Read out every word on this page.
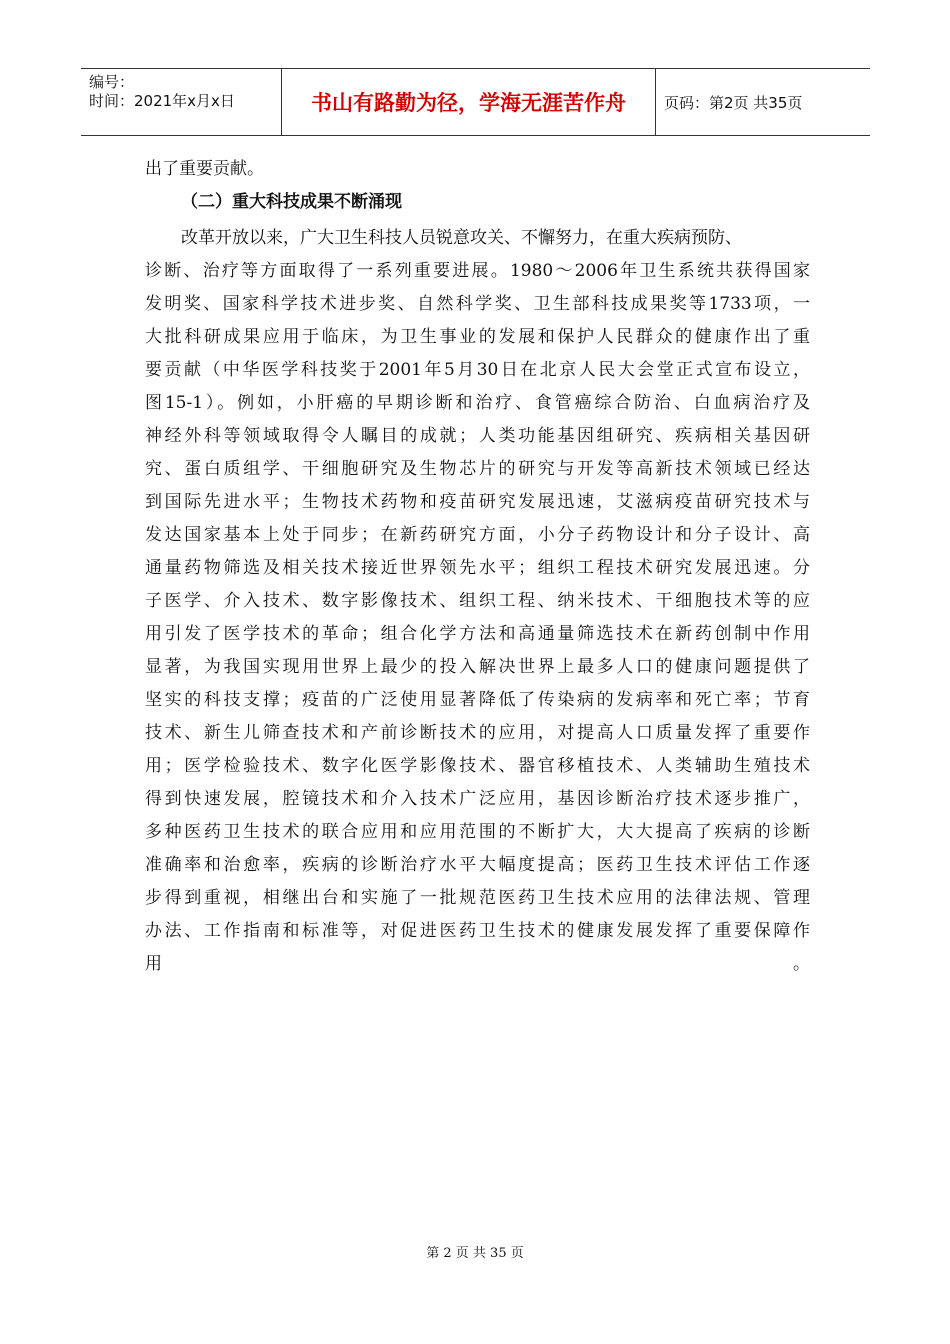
编号：
时间：2021年x月x日	书山有路勤为径，学海无涯苦作舟	页码：第2页 共35页
出了重要贡献。
（二）重大科技成果不断涌现
改革开放以来，广大卫生科技人员锐意攻关、不懈努力，在重大疾病预防、
诊断、治疗等方面取得了一系列重要进展。1980～2006年卫生系统共获得国家
发明奖、国家科学技术进步奖、自然科学奖、卫生部科技成果奖等1733项，一
大批科研成果应用于临床，为卫生事业的发展和保护人民群众的健康作出了重
要贡献（中华医学科技奖于2001年5月30日在北京人民大会堂正式宣布设立，
图15-1）。例如，小肝癌的早期诊断和治疗、食管癌综合防治、白血病治疗及
神经外科等领域取得令人瞩目的成就；人类功能基因组研究、疾病相关基因研
究、蛋白质组学、干细胞研究及生物芯片的研究与开发等高新技术领域已经达
到国际先进水平；生物技术药物和疫苗研究发展迅速，艾滋病疫苗研究技术与
发达国家基本上处于同步；在新药研究方面，小分子药物设计和分子设计、高
通量药物筛选及相关技术接近世界领先水平；组织工程技术研究发展迅速。分
子医学、介入技术、数字影像技术、组织工程、纳米技术、干细胞技术等的应
用引发了医学技术的革命；组合化学方法和高通量筛选技术在新药创制中作用
显著，为我国实现用世界上最少的投入解决世界上最多人口的健康问题提供了
坚实的科技支撑；疫苗的广泛使用显著降低了传染病的发病率和死亡率；节育
技术、新生儿筛查技术和产前诊断技术的应用，对提高人口质量发挥了重要作
用；医学检验技术、数字化医学影像技术、器官移植技术、人类辅助生殖技术
得到快速发展，腔镜技术和介入技术广泛应用，基因诊断治疗技术逐步推广，
多种医药卫生技术的联合应用和应用范围的不断扩大，大大提高了疾病的诊断
准确率和治愈率，疾病的诊断治疗水平大幅度提高；医药卫生技术评估工作逐
步得到重视，相继出台和实施了一批规范医药卫生技术应用的法律法规、管理
办法、工作指南和标准等，对促进医药卫生技术的健康发展发挥了重要保障作
用。
第 2 页 共 35 页
